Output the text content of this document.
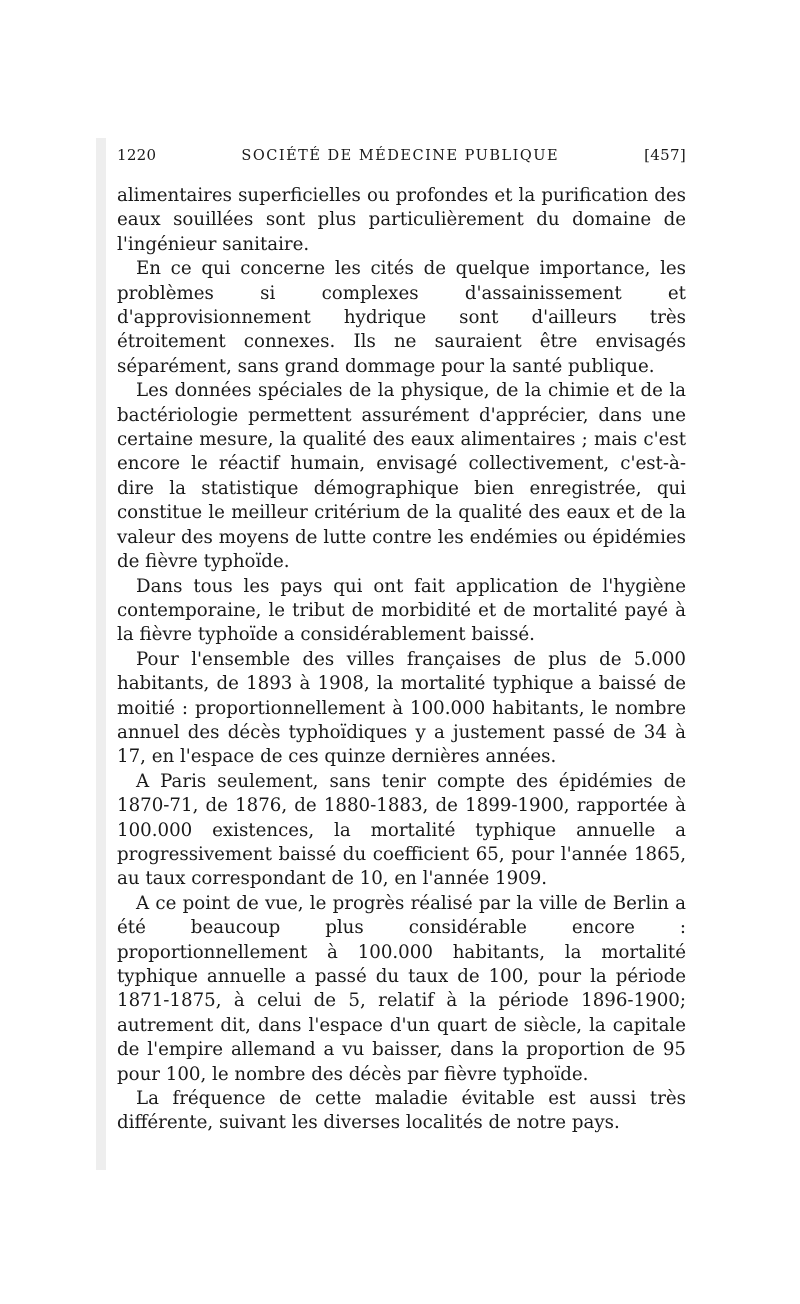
1220	SOCIÉTÉ DE MÉDECINE PUBLIQUE	[457]

alimentaires superficielles ou profondes et la purification des eaux souillées sont plus particulièrement du domaine de l'ingénieur sanitaire.

En ce qui concerne les cités de quelque importance, les problèmes si complexes d'assainissement et d'approvisionnement hydrique sont d'ailleurs très étroitement connexes. Ils ne sauraient être envisagés séparément, sans grand dommage pour la santé publique.

Les données spéciales de la physique, de la chimie et de la bactériologie permettent assurément d'apprécier, dans une certaine mesure, la qualité des eaux alimentaires ; mais c'est encore le réactif humain, envisagé collectivement, c'est-à-dire la statistique démographique bien enregistrée, qui constitue le meilleur critérium de la qualité des eaux et de la valeur des moyens de lutte contre les endémies ou épidémies de fièvre typhoïde.

Dans tous les pays qui ont fait application de l'hygiène contemporaine, le tribut de morbidité et de mortalité payé à la fièvre typhoïde a considérablement baissé.

Pour l'ensemble des villes françaises de plus de 5.000 habitants, de 1893 à 1908, la mortalité typhique a baissé de moitié : proportionnellement à 100.000 habitants, le nombre annuel des décès typhoïdiques y a justement passé de 34 à 17, en l'espace de ces quinze dernières années.

A Paris seulement, sans tenir compte des épidémies de 1870-71, de 1876, de 1880-1883, de 1899-1900, rapportée à 100.000 existences, la mortalité typhique annuelle a progressivement baissé du coefficient 65, pour l'année 1865, au taux correspondant de 10, en l'année 1909.

A ce point de vue, le progrès réalisé par la ville de Berlin a été beaucoup plus considérable encore : proportionnellement à 100.000 habitants, la mortalité typhique annuelle a passé du taux de 100, pour la période 1871-1875, à celui de 5, relatif à la période 1896-1900; autrement dit, dans l'espace d'un quart de siècle, la capitale de l'empire allemand a vu baisser, dans la proportion de 95 pour 100, le nombre des décès par fièvre typhoïde.

La fréquence de cette maladie évitable est aussi très différente, suivant les diverses localités de notre pays.
